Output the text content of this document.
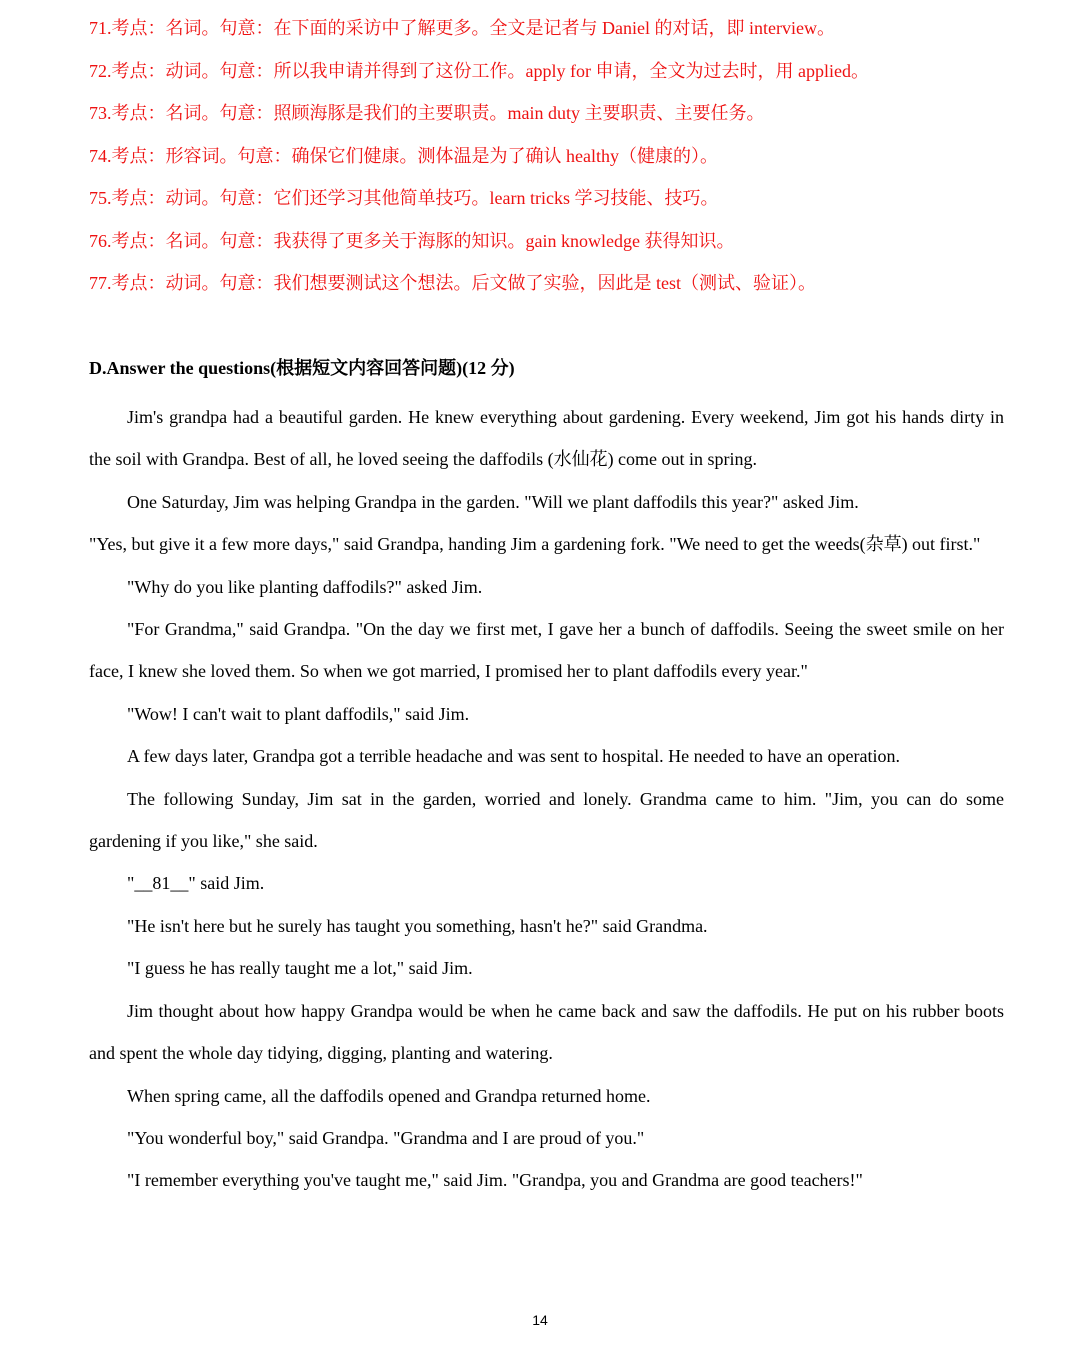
71.考点：名词。句意：在下面的采访中了解更多。全文是记者与 Daniel 的对话，即 interview。
72.考点：动词。句意：所以我申请并得到了这份工作。apply for 申请，全文为过去时，用 applied。
73.考点：名词。句意：照顾海豚是我们的主要职责。main duty 主要职责、主要任务。
74.考点：形容词。句意：确保它们健康。测体温是为了确认 healthy（健康的）。
75.考点：动词。句意：它们还学习其他简单技巧。learn tricks 学习技能、技巧。
76.考点：名词。句意：我获得了更多关于海豚的知识。gain knowledge 获得知识。
77.考点：动词。句意：我们想要测试这个想法。后文做了实验，因此是 test（测试、验证）。
D.Answer the questions(根据短文内容回答问题)(12 分)

Jim's grandpa had a beautiful garden. He knew everything about gardening. Every weekend, Jim got his hands dirty in the soil with Grandpa. Best of all, he loved seeing the daffodils (水仙花) come out in spring.

One Saturday, Jim was helping Grandpa in the garden. "Will we plant daffodils this year?" asked Jim.

"Yes, but give it a few more days," said Grandpa, handing Jim a gardening fork. "We need to get the weeds(杂草) out first."

"Why do you like planting daffodils?" asked Jim.

"For Grandma," said Grandpa. "On the day we first met, I gave her a bunch of daffodils. Seeing the sweet smile on her face, I knew she loved them. So when we got married, I promised her to plant daffodils every year."

"Wow! I can't wait to plant daffodils," said Jim.

A few days later, Grandpa got a terrible headache and was sent to hospital. He needed to have an operation.

The following Sunday, Jim sat in the garden, worried and lonely. Grandma came to him. "Jim, you can do some gardening if you like," she said.

"__81__" said Jim.

"He isn't here but he surely has taught you something, hasn't he?" said Grandma.

"I guess he has really taught me a lot," said Jim.

Jim thought about how happy Grandpa would be when he came back and saw the daffodils. He put on his rubber boots and spent the whole day tidying, digging, planting and watering.

When spring came, all the daffodils opened and Grandpa returned home.

"You wonderful boy," said Grandpa. "Grandma and I are proud of you."

"I remember everything you've taught me," said Jim. "Grandpa, you and Grandma are good teachers!"

14
